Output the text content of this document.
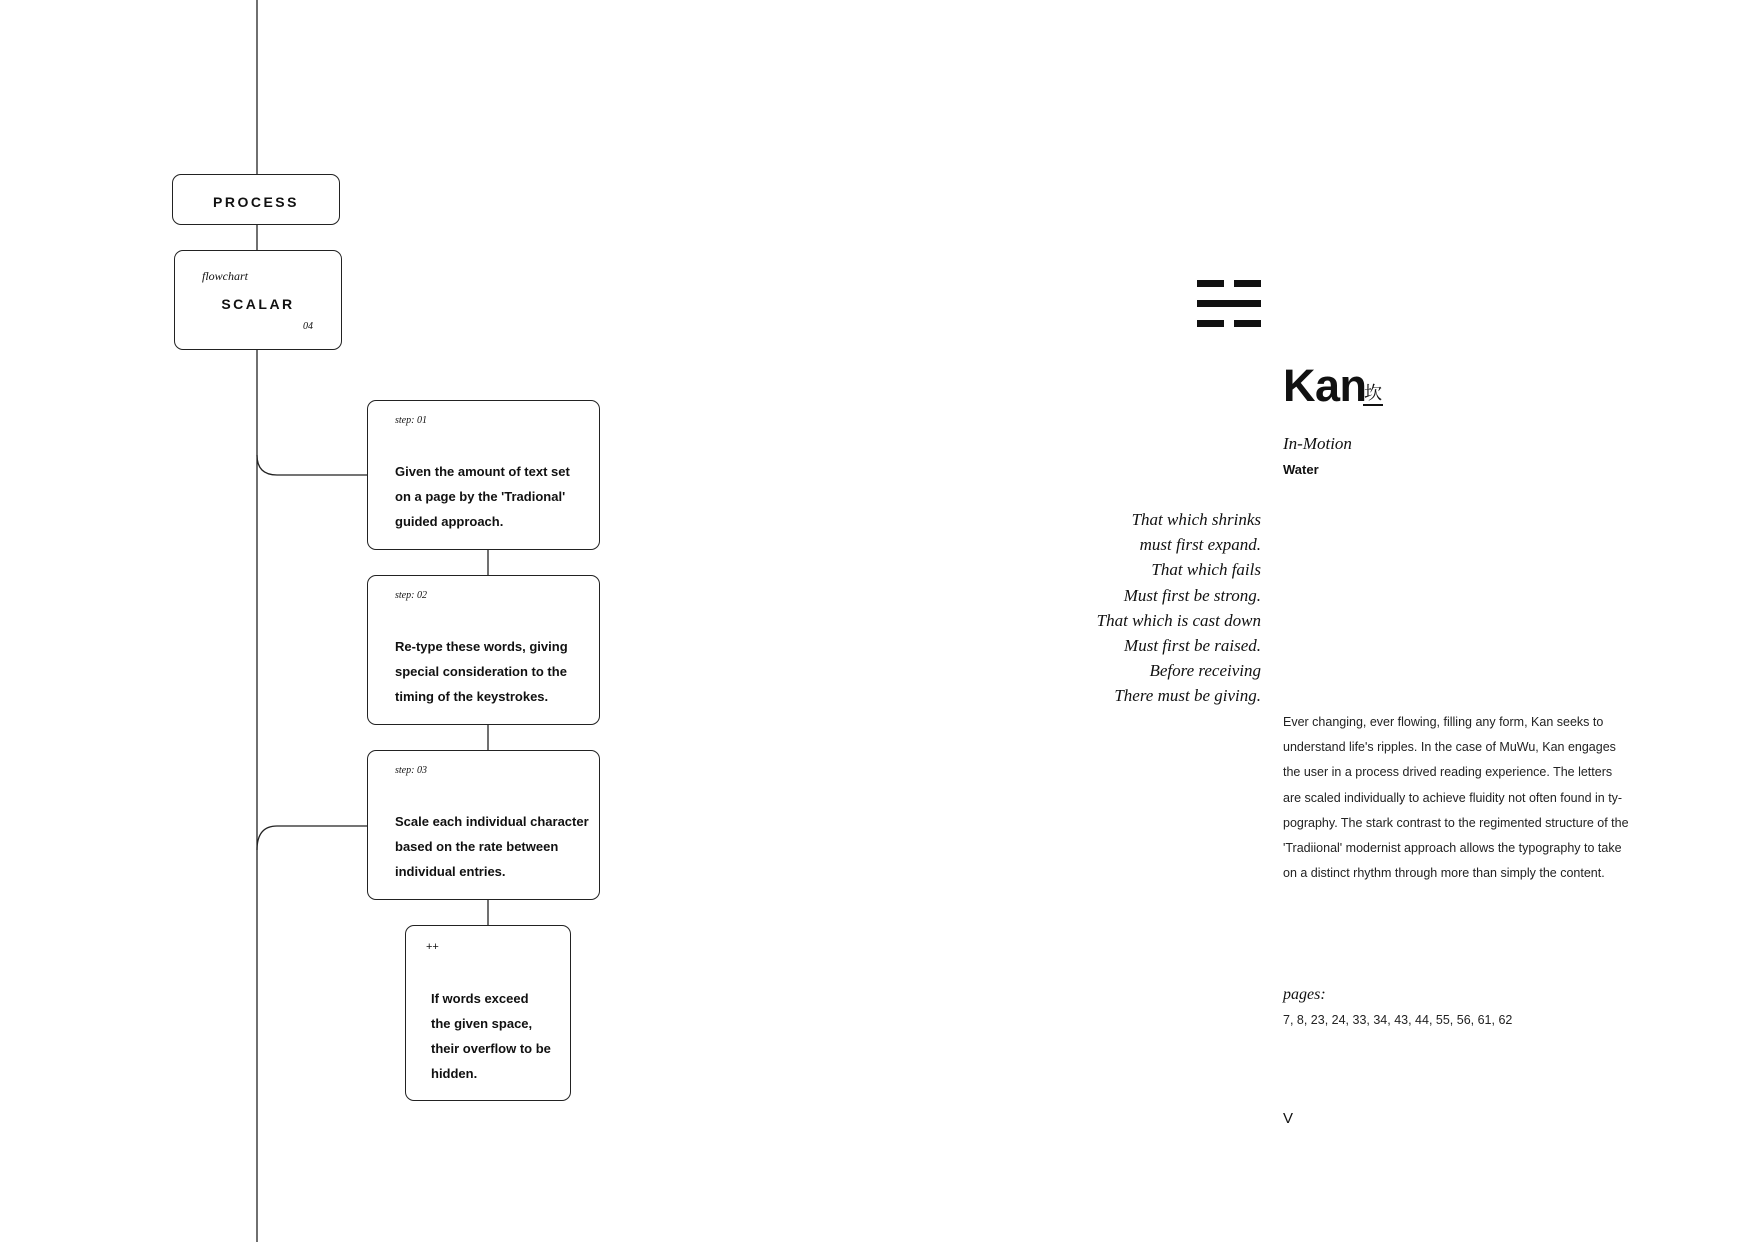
PROCESS
flowchart
SCALAR
04
step: 01
Given the amount of text set
on a page by the 'Tradional'
guided approach.
step: 02
Re-type these words, giving
special consideration to the
timing of the keystrokes.
step: 03
Scale each individual character
based on the rate between
individual entries.
++
If words exceed
the given space,
their overflow to be
hidden.
Kan
坎
In-Motion
Water
That which shrinks
must first expand.
That which fails
Must first be strong.
That which is cast down
Must first be raised.
Before receiving
There must be giving.
Ever changing, ever flowing, filling any form, Kan seeks to
understand life's ripples. In the case of MuWu, Kan engages
the user in a process drived reading experience. The letters
are scaled individually to achieve fluidity not often found in ty-
pography. The stark contrast to the regimented structure of the
'Tradiional' modernist approach allows the typography to take
on a distinct rhythm through more than simply the content.
pages:
7, 8, 23, 24, 33, 34, 43, 44, 55, 56, 61, 62
V
